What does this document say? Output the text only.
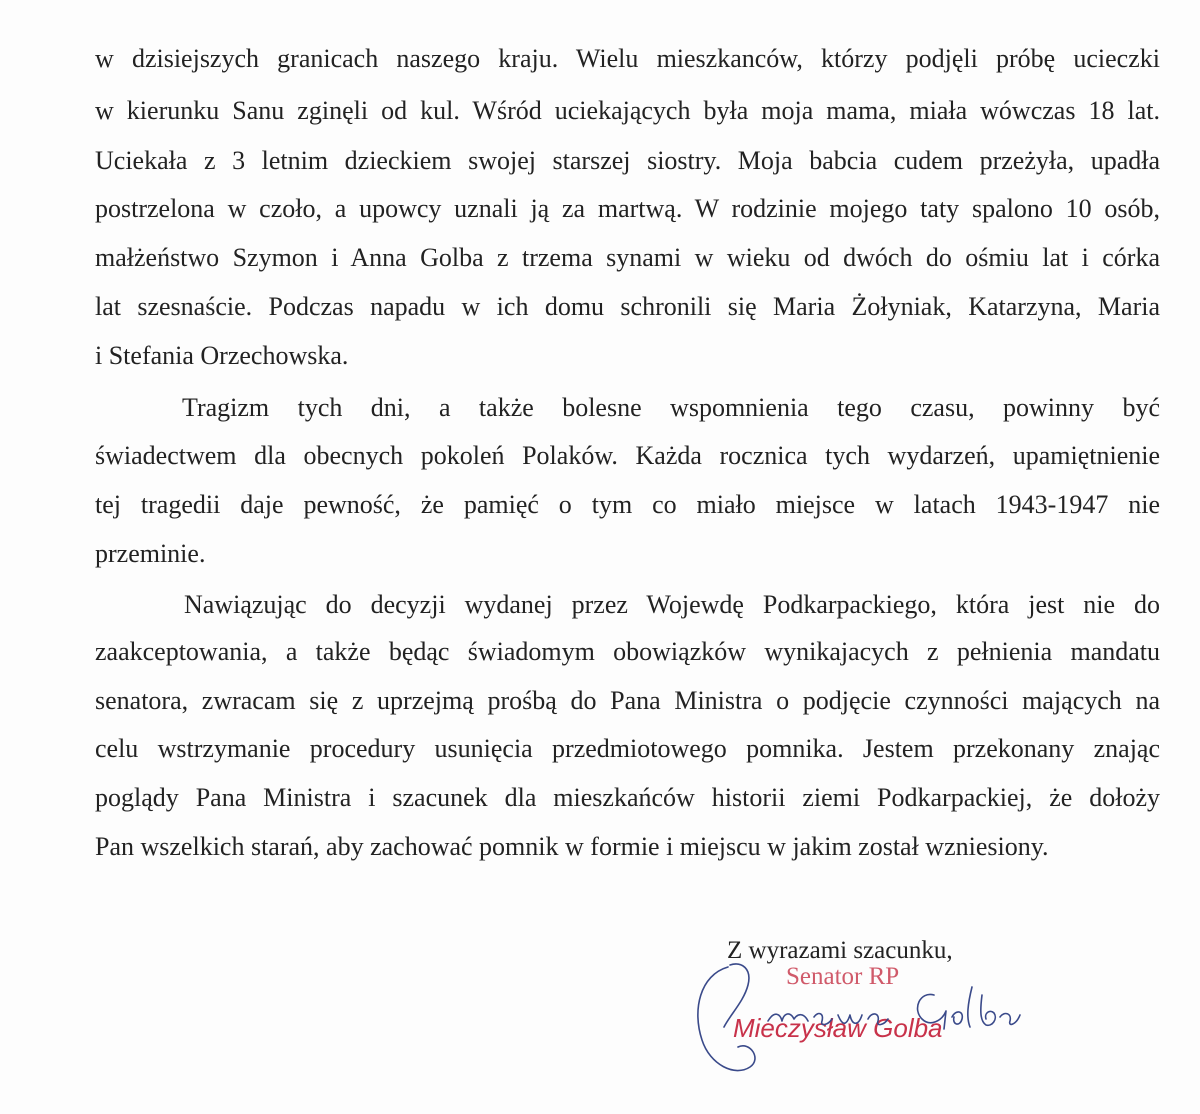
w dzisiejszych granicach naszego kraju. Wielu mieszkanców, którzy podjęli próbę ucieczki
w kierunku Sanu zginęli od kul. Wśród uciekających była moja mama, miała wówczas 18 lat.
Uciekała z 3 letnim dzieckiem swojej starszej siostry. Moja babcia cudem przeżyła, upadła
postrzelona w czoło, a upowcy uznali ją za martwą. W rodzinie mojego taty spalono 10 osób,
małżeństwo Szymon i Anna Golba z trzema synami w wieku od dwóch do ośmiu lat i córka
lat szesnaście. Podczas napadu w ich domu schronili się Maria Żołyniak, Katarzyna, Maria
i Stefania Orzechowska.
Tragizm tych dni, a także bolesne wspomnienia tego czasu, powinny być
świadectwem dla obecnych pokoleń Polaków. Każda rocznica tych wydarzeń, upamiętnienie
tej tragedii daje pewność, że pamięć o tym co miało miejsce w latach 1943-1947 nie
przeminie.
Nawiązując do decyzji wydanej przez Wojewdę Podkarpackiego, która jest nie do
zaakceptowania, a także będąc świadomym obowiązków wynikajacych z pełnienia mandatu
senatora, zwracam się z uprzejmą prośbą do Pana Ministra o podjęcie czynności mających na
celu wstrzymanie procedury usunięcia przedmiotowego pomnika. Jestem przekonany znając
poglądy Pana Ministra i szacunek dla mieszkańców historii ziemi Podkarpackiej, że dołoży
Pan wszelkich starań, aby zachować pomnik w formie i miejscu w jakim został wzniesiony.
Z wyrazami szacunku,
Senator RP
Mieczysław Golba
